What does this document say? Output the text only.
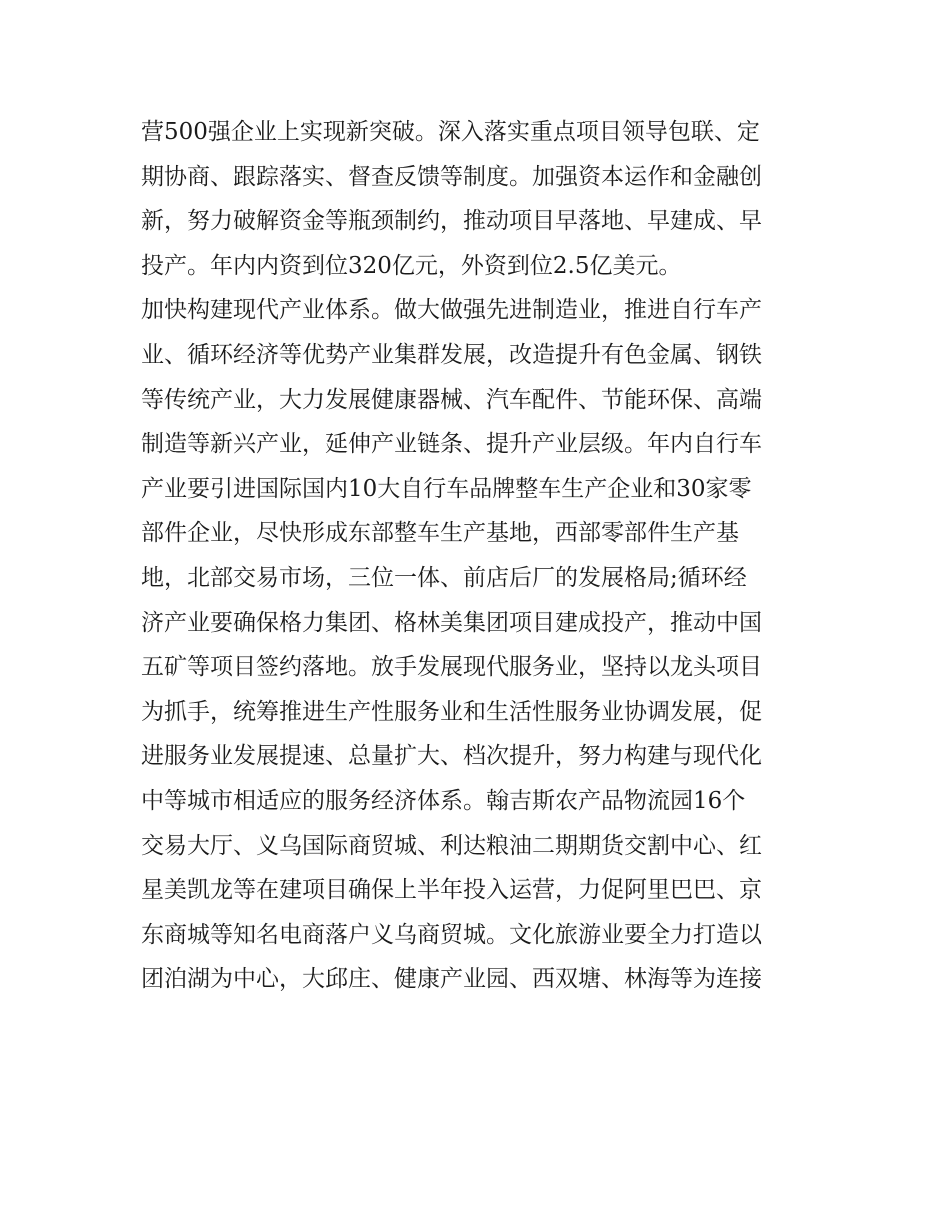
营500强企业上实现新突破。深入落实重点项目领导包联、定
期协商、跟踪落实、督查反馈等制度。加强资本运作和金融创
新，努力破解资金等瓶颈制约，推动项目早落地、早建成、早
投产。年内内资到位320亿元，外资到位2.5亿美元。
加快构建现代产业体系。做大做强先进制造业，推进自行车产
业、循环经济等优势产业集群发展，改造提升有色金属、钢铁
等传统产业，大力发展健康器械、汽车配件、节能环保、高端
制造等新兴产业，延伸产业链条、提升产业层级。年内自行车
产业要引进国际国内10大自行车品牌整车生产企业和30家零
部件企业，尽快形成东部整车生产基地，西部零部件生产基
地，北部交易市场，三位一体、前店后厂的发展格局;循环经
济产业要确保格力集团、格林美集团项目建成投产，推动中国
五矿等项目签约落地。放手发展现代服务业，坚持以龙头项目
为抓手，统筹推进生产性服务业和生活性服务业协调发展，促
进服务业发展提速、总量扩大、档次提升，努力构建与现代化
中等城市相适应的服务经济体系。翰吉斯农产品物流园16个
交易大厅、义乌国际商贸城、利达粮油二期期货交割中心、红
星美凯龙等在建项目确保上半年投入运营，力促阿里巴巴、京
东商城等知名电商落户义乌商贸城。文化旅游业要全力打造以
团泊湖为中心，大邱庄、健康产业园、西双塘、林海等为连接
